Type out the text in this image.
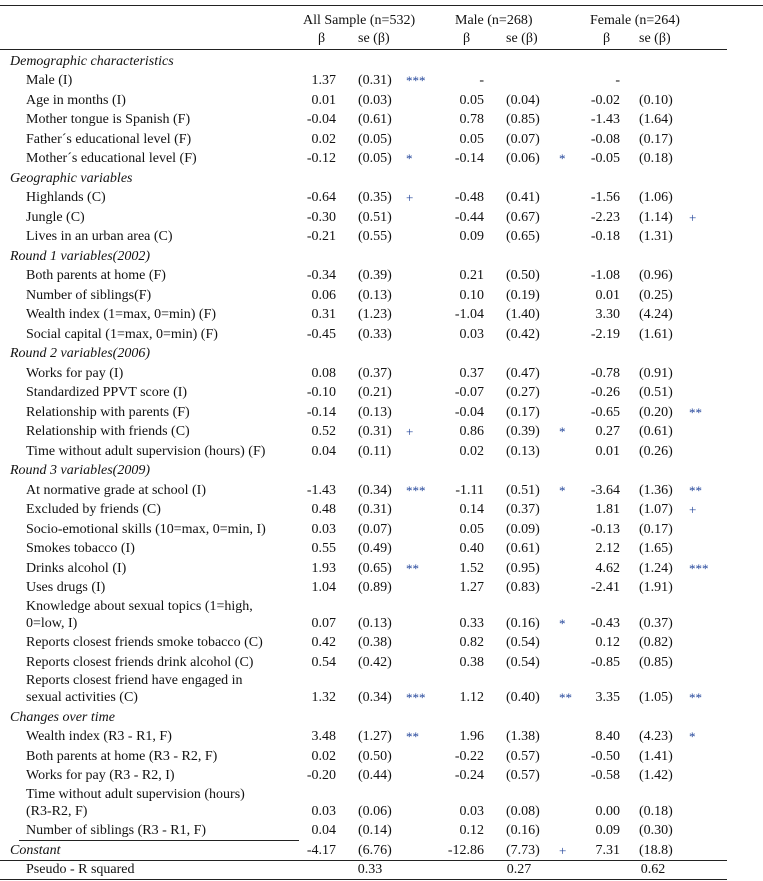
All Sample (n=532)	Male (n=268)	Female (n=264)
β se (β)	β	se (β)	β se (β)
Demographic characteristics
Male (I)	1.37	(0.31)	***	-	-
Age in months (I)	0.01	(0.03)	0.05	(0.04)	-0.02	(0.10)
Mother tongue is Spanish (F)	-0.04	(0.61)	0.78	(0.85)	-1.43	(1.64)
Father´s educational level (F)	0.02	(0.05)	0.05	(0.07)	-0.08	(0.17)
Mother´s educational level (F)	-0.12	(0.05)	*	-0.14	(0.06)	*	-0.05	(0.18)
Geographic variables
Highlands (C)	-0.64	(0.35)	+	-0.48	(0.41)	-1.56	(1.06)
Jungle (C)	-0.30	(0.51)	-0.44	(0.67)	-2.23	(1.14)	+
Lives in an urban area (C)	-0.21	(0.55)	0.09	(0.65)	-0.18	(1.31)
Round 1 variables(2002)
Both parents at home (F)	-0.34	(0.39)	0.21	(0.50)	-1.08	(0.96)
Number of siblings(F)	0.06	(0.13)	0.10	(0.19)	0.01	(0.25)
Wealth index (1=max, 0=min) (F)	0.31	(1.23)	-1.04	(1.40)	3.30	(4.24)
Social capital (1=max, 0=min) (F)	-0.45	(0.33)	0.03	(0.42)	-2.19	(1.61)
Round 2 variables(2006)
Works for pay (I)	0.08	(0.37)	0.37	(0.47)	-0.78	(0.91)
Standardized PPVT score (I)	-0.10	(0.21)	-0.07	(0.27)	-0.26	(0.51)
Relationship with parents (F)	-0.14	(0.13)	-0.04	(0.17)	-0.65	(0.20)	**
Relationship with friends (C)	0.52	(0.31)	+	0.86	(0.39)	*	0.27	(0.61)
Time without adult supervision (hours) (F)	0.04	(0.11)	0.02	(0.13)	0.01	(0.26)
Round 3 variables(2009)
At normative grade at school (I)	-1.43	(0.34)	***	-1.11	(0.51)	*	-3.64	(1.36)	**
Excluded by friends (C)	0.48	(0.31)	0.14	(0.37)	1.81	(1.07)	+
Socio-emotional skills (10=max, 0=min, I)	0.03	(0.07)	0.05	(0.09)	-0.13	(0.17)
Smokes tobacco (I)	0.55	(0.49)	0.40	(0.61)	2.12	(1.65)
Drinks alcohol (I)	1.93	(0.65)	**	1.52	(0.95)	4.62	(1.24)	***
Uses drugs (I)	1.04	(0.89)	1.27	(0.83)	-2.41	(1.91)
Knowledge about sexual topics (1=high,
0=low, I)	0.07	(0.13)	0.33	(0.16)	*	-0.43	(0.37)
Reports closest friends smoke tobacco (C)	0.42	(0.38)	0.82	(0.54)	0.12	(0.82)
Reports closest friends drink alcohol (C)	0.54	(0.42)	0.38	(0.54)	-0.85	(0.85)
Reports closest friend have engaged in
sexual activities (C)	1.32	(0.34)	***	1.12	(0.40)	**	3.35	(1.05)	**
Changes over time
Wealth index (R3 - R1, F)	3.48	(1.27)	**	1.96	(1.38)	8.40	(4.23)	*
Both parents at home (R3 - R2, F)	0.02	(0.50)	-0.22	(0.57)	-0.50	(1.41)
Works for pay (R3 - R2, I)	-0.20	(0.44)	-0.24	(0.57)	-0.58	(1.42)
Time without adult supervision (hours)
(R3-R2, F)	0.03	(0.06)	0.03	(0.08)	0.00	(0.18)
Number of siblings (R3 - R1, F)	0.04	(0.14)	0.12	(0.16)	0.09	(0.30)
Constant	-4.17	(6.76)	-12.86	(7.73)	+	7.31	(18.8)
Pseudo - R squared	0.33	0.27	0.62
